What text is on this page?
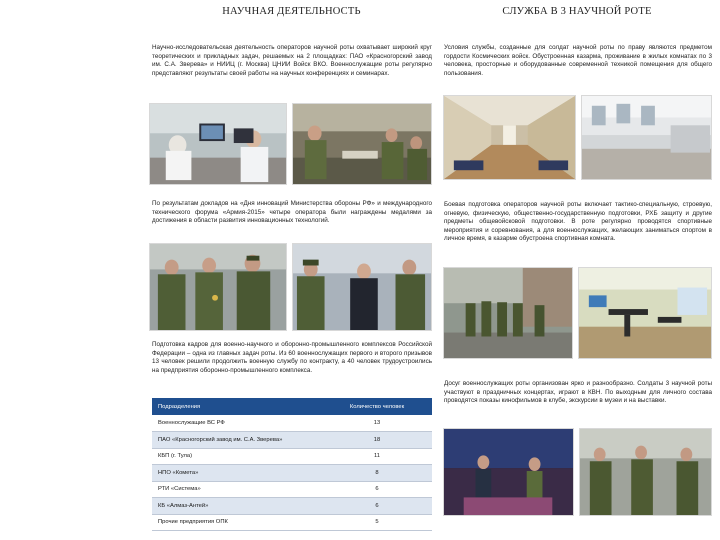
НАУЧНАЯ ДЕЯТЕЛЬНОСТЬ	СЛУЖБА В 3 НАУЧНОЙ РОТЕ
Научно-исследовательская деятельность операторов научной роты охватывает широкий круг теоретических и прикладных задач, решаемых на 2 площадках: ПАО «Красногорский завод им. С.А. Зверева» и НИИЦ (г. Москва) ЦНИИ Войск ВКО. Военнослужащие роты регулярно представляют результаты своей работы на научных конференциях и семинарах.
По результатам докладов на «Дня инноваций Министерства обороны РФ» и международного технического форума «Армия-2015» четыре оператора были награждены медалями за достижения в области развития инновационных технологий.
Подготовка кадров для военно-научного и оборонно-промышленного комплексов Российской Федерации – одна из главных задач роты. Из 60 военнослужащих первого и второго призывов 13 человек решили продолжить военную службу по контракту, а 40 человек трудоустроились на предприятия оборонно-промышленного комплекса.
Подразделения	Количество человек
Военнослужащие ВС РФ	13
ПАО «Красногорский завод им. С.А. Зверева»	18
КБП (г. Тула)	11
НПО «Комета»	8
РТИ «Система»	6
КБ «Алмаз-Антей»	6
Прочие предприятия ОПК	5
Условия службы, созданные для солдат научной роты по праву являются предметом гордости Космических войск. Обустроенная казарма, проживание в жилых комнатах по 3 человека, просторные и оборудованные современной техникой помещения для общего пользования.
Боевая подготовка операторов научной роты включает тактико-специальную, строевую, огневую, физическую, общественно-государственную подготовки, РХБ защиту и другие предметы общевойсковой подготовки. В роте регулярно проводятся спортивные мероприятия и соревнования, а для военнослужащих, желающих заниматься спортом в личное время, в казарме обустроена спортивная комната.
Досуг военнослужащих роты организован ярко и разнообразно. Солдаты 3 научной роты участвуют в праздничных концертах, играют в КВН. По выходным для личного состава проводятся показы кинофильмов в клубе, экскурсии в музеи и на выставки.
